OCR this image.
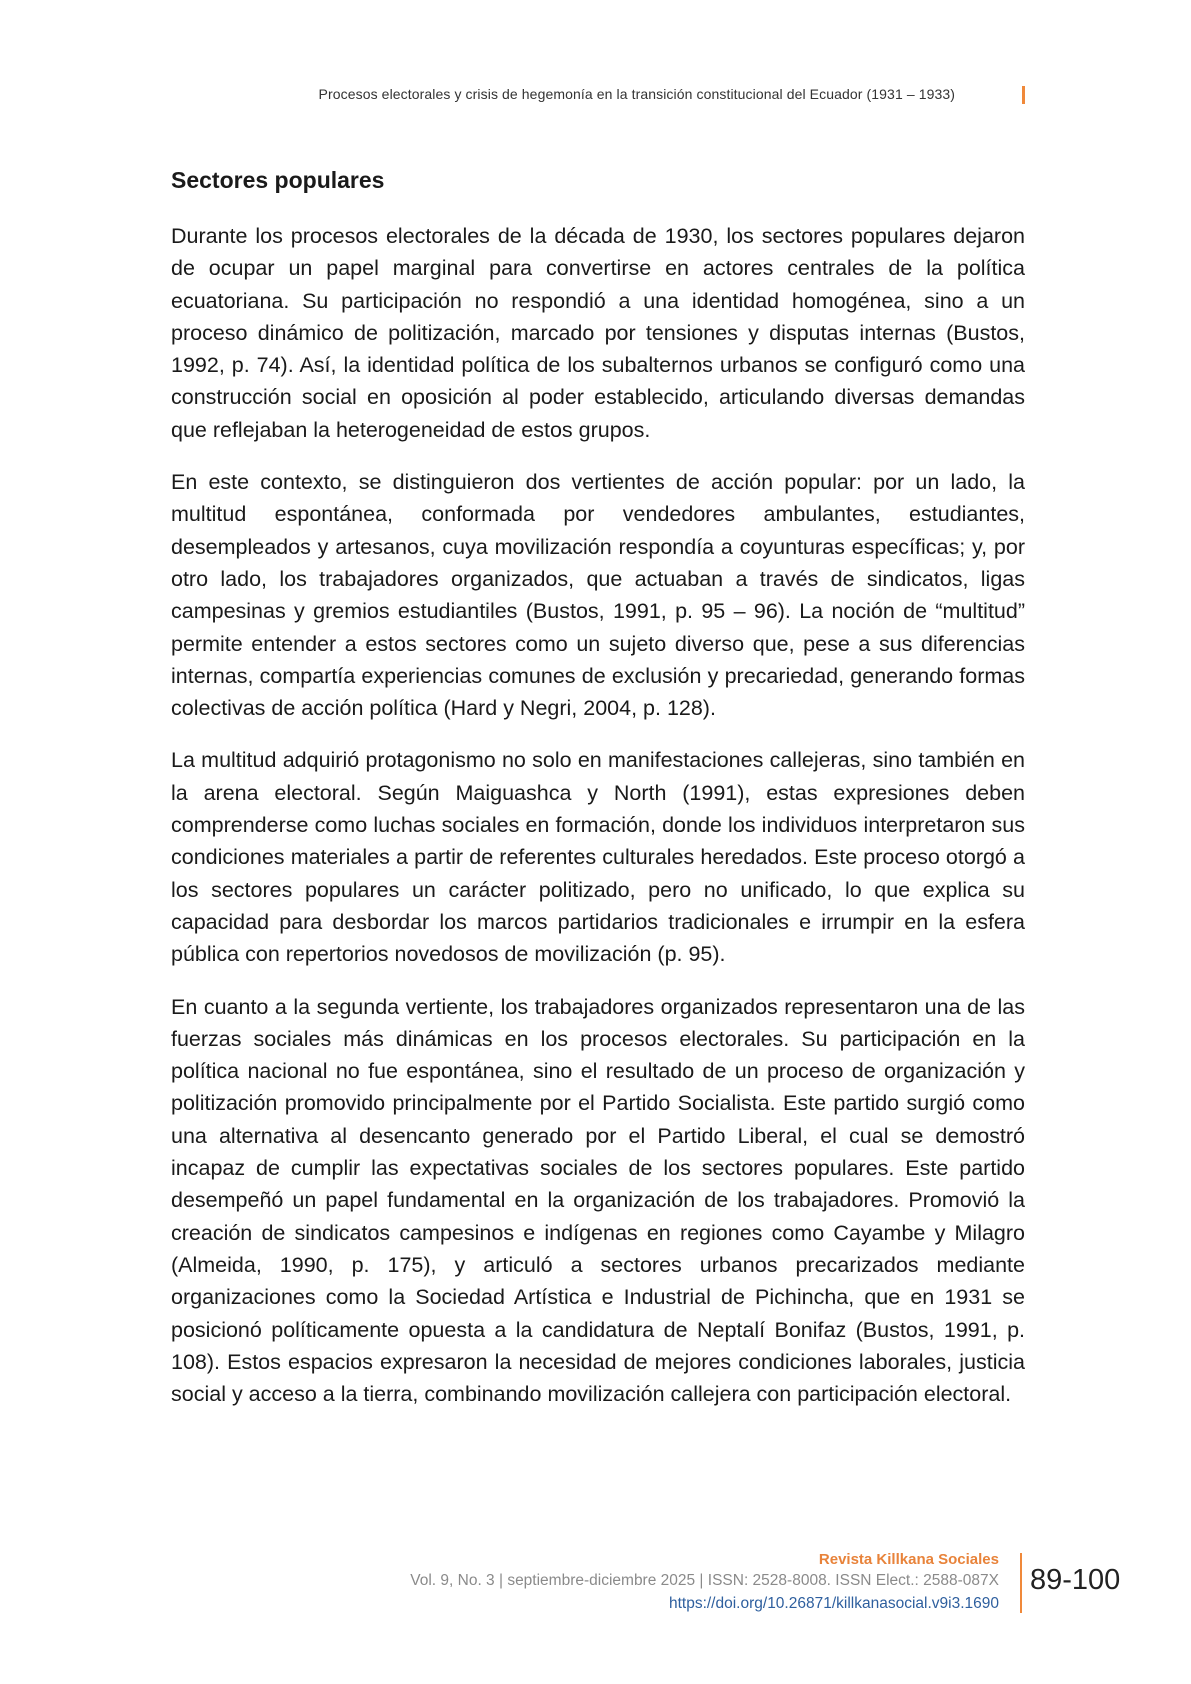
Procesos electorales y crisis de hegemonía en la transición constitucional del Ecuador (1931 – 1933)
Sectores populares

Durante los procesos electorales de la década de 1930, los sectores populares dejaron de ocupar un papel marginal para convertirse en actores centrales de la política ecuatoriana. Su participación no respondió a una identidad homogénea, sino a un proceso dinámico de politización, marcado por tensiones y disputas internas (Bustos, 1992, p. 74). Así, la identidad política de los subalternos urbanos se configuró como una construcción social en oposición al poder establecido, articulando diversas demandas que reflejaban la heterogeneidad de estos grupos.

En este contexto, se distinguieron dos vertientes de acción popular: por un lado, la multitud espontánea, conformada por vendedores ambulantes, estudiantes, desempleados y artesanos, cuya movilización respondía a coyunturas específicas; y, por otro lado, los trabajadores organizados, que actuaban a través de sindicatos, ligas campesinas y gremios estudiantiles (Bustos, 1991, p. 95 – 96). La noción de “multitud” permite entender a estos sectores como un sujeto diverso que, pese a sus diferencias internas, compartía experiencias comunes de exclusión y precariedad, generando formas colectivas de acción política (Hard y Negri, 2004, p. 128).

La multitud adquirió protagonismo no solo en manifestaciones callejeras, sino también en la arena electoral. Según Maiguashca y North (1991), estas expresiones deben comprenderse como luchas sociales en formación, donde los individuos interpretaron sus condiciones materiales a partir de referentes culturales heredados. Este proceso otorgó a los sectores populares un carácter politizado, pero no unificado, lo que explica su capacidad para desbordar los marcos partidarios tradicionales e irrumpir en la esfera pública con repertorios novedosos de movilización (p. 95).

En cuanto a la segunda vertiente, los trabajadores organizados representaron una de las fuerzas sociales más dinámicas en los procesos electorales. Su participación en la política nacional no fue espontánea, sino el resultado de un proceso de organización y politización promovido principalmente por el Partido Socialista. Este partido surgió como una alternativa al desencanto generado por el Partido Liberal, el cual se demostró incapaz de cumplir las expectativas sociales de los sectores populares. Este partido desempeñó un papel fundamental en la organización de los trabajadores. Promovió la creación de sindicatos campesinos e indígenas en regiones como Cayambe y Milagro (Almeida, 1990, p. 175), y articuló a sectores urbanos precarizados mediante organizaciones como la Sociedad Artística e Industrial de Pichincha, que en 1931 se posicionó políticamente opuesta a la candidatura de Neptalí Bonifaz (Bustos, 1991, p. 108). Estos espacios expresaron la necesidad de mejores condiciones laborales, justicia social y acceso a la tierra, combinando movilización callejera con participación electoral.

Revista Killkana Sociales
Vol. 9, No. 3 | septiembre-diciembre 2025 | ISSN: 2528-8008. ISSN Elect.: 2588-087X
https://doi.org/10.26871/killkanasocial.v9i3.1690
89-100
